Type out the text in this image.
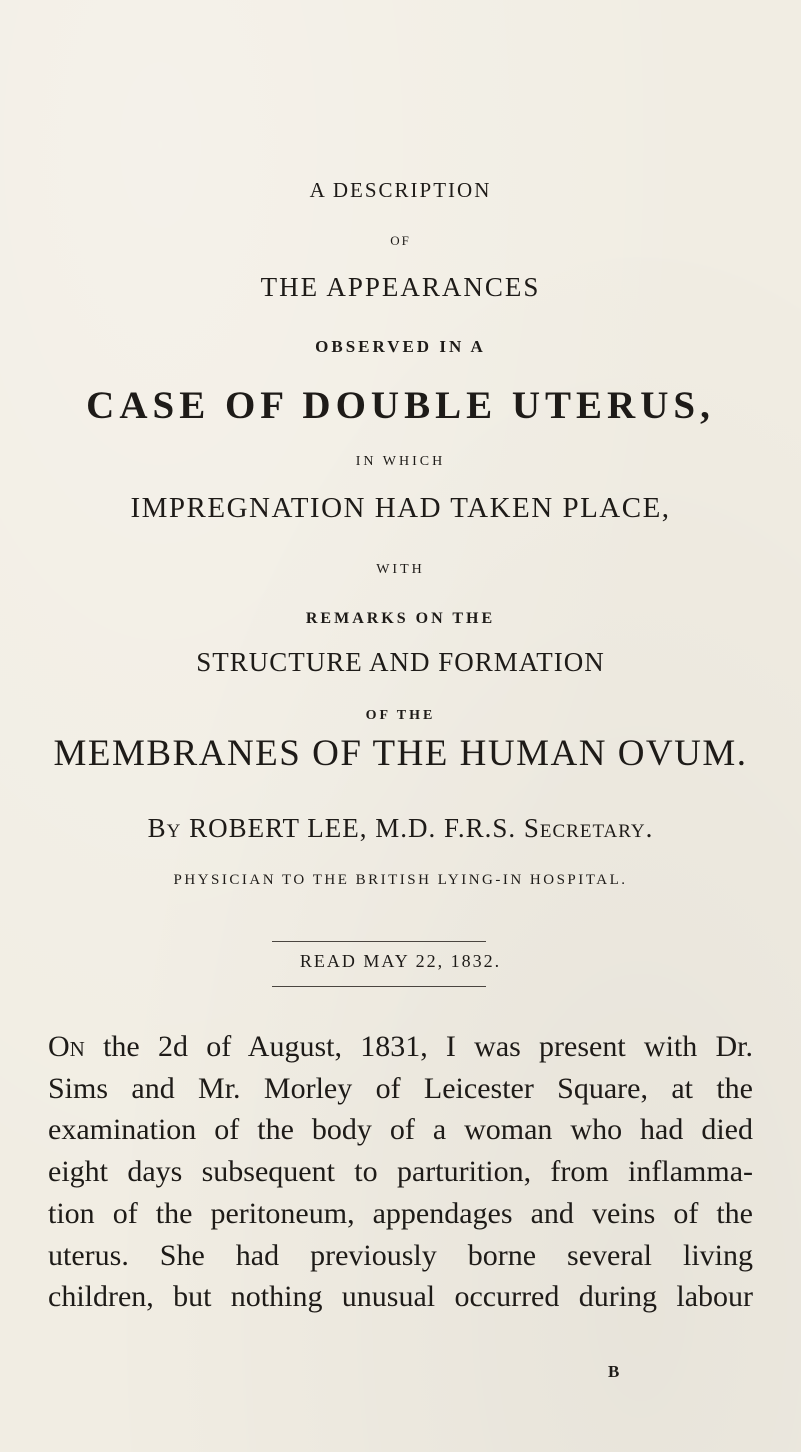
A DESCRIPTION

OF

THE APPEARANCES

OBSERVED IN A

CASE OF DOUBLE UTERUS,

IN WHICH

IMPREGNATION HAD TAKEN PLACE,

WITH

REMARKS ON THE

STRUCTURE AND FORMATION

OF THE

MEMBRANES OF THE HUMAN OVUM.

By ROBERT LEE, M.D. F.R.S. Secretary.

PHYSICIAN TO THE BRITISH LYING-IN HOSPITAL.

READ MAY 22, 1832.

On the 2d of August, 1831, I was present with Dr.
Sims and Mr. Morley of Leicester Square, at the
examination of the body of a woman who had died
eight days subsequent to parturition, from inflamma-
tion of the peritoneum, appendages and veins of the
uterus. She had previously borne several living
children, but nothing unusual occurred during labour

B
